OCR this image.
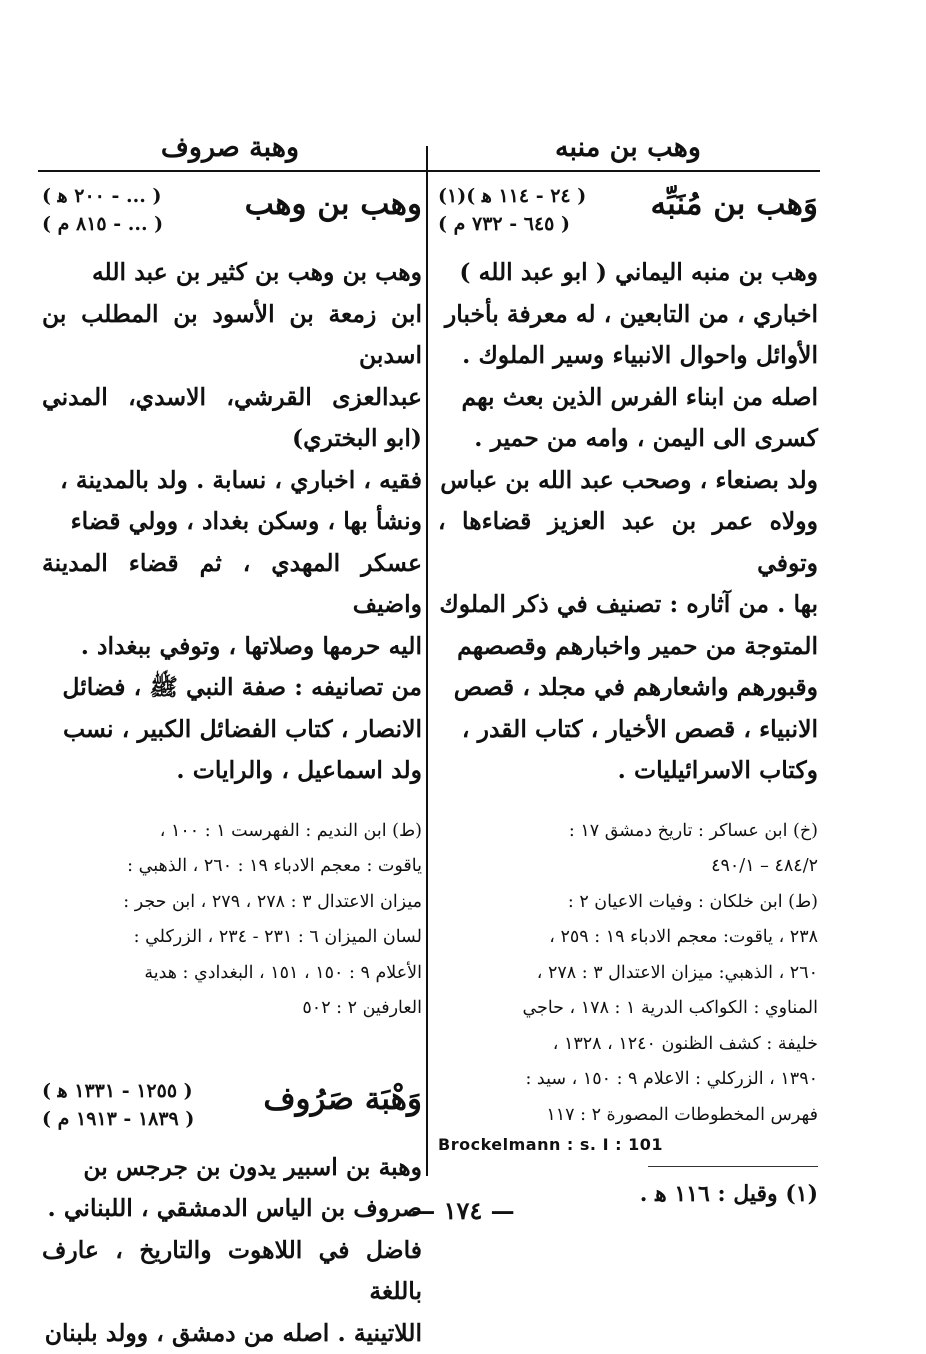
وهب بن منبه
وهبة صروف
وَهب بن مُنَبِّه
( ٢٤ - ١١٤ ﻫ )(١)
( ٦٤٥ - ٧٣٢ م )

وهب بن منبه اليماني ( ابو عبد الله )

اخباري ، من التابعين ، له معرفة بأخبار

الأوائل واحوال الانبياء وسير الملوك .

اصله من ابناء الفرس الذين بعث بهم

كسرى الى اليمن ، وامه من حمير .

ولد بصنعاء ، وصحب عبد الله بن عباس

وولاه عمر بن عبد العزيز قضاءها ، وتوفي

بها . من آثاره : تصنيف في ذكر الملوك

المتوجة من حمير واخبارهم وقصصهم

وقبورهم واشعارهم في مجلد ، قصص

الانبياء ، قصص الأخيار ، كتاب القدر ،

وكتاب الاسرائيليات .

(خ) ابن عساكر : تاريخ دمشق ١٧ :

٤٨٤/٢ – ٤٩٠/١

(ط) ابن خلكان : وفيات الاعيان ٢ :

٢٣٨ ، ياقوت: معجم الادباء ١٩ : ٢٥٩ ،

٢٦٠ ، الذهبي: ميزان الاعتدال ٣ : ٢٧٨ ،

المناوي : الكواكب الدرية ١ : ١٧٨ ، حاجي

خليفة : كشف الظنون ١٢٤٠ ، ١٣٢٨ ،

١٣٩٠ ، الزركلي : الاعلام ٩ : ١٥٠ ، سيد :

فهرس المخطوطات المصورة ٢ : ١١٧

Brockelmann : s. I : 101
(١) وقيل : ١١٦ ﻫ .
وهب بن وهب
( ... - ٢٠٠ ﻫ )
( ... - ٨١٥ م )

وهب بن وهب بن كثير بن عبد الله

ابن زمعة بن الأسود بن المطلب بن اسدبن

عبدالعزى القرشي، الاسدي، المدني (ابو البختري)

فقيه ، اخباري ، نسابة . ولد بالمدينة ،

ونشأ بها ، وسكن بغداد ، وولي قضاء

عسكر المهدي ، ثم قضاء المدينة واضيف

اليه حرمها وصلاتها ، وتوفي ببغداد .

من تصانيفه : صفة النبي ﷺ ، فضائل

الانصار ، كتاب الفضائل الكبير ، نسب

ولد اسماعيل ، والرايات .

(ط) ابن النديم : الفهرست ١ : ١٠٠ ،

ياقوت : معجم الادباء ١٩ : ٢٦٠ ، الذهبي :

ميزان الاعتدال ٣ : ٢٧٨ ، ٢٧٩ ، ابن حجر :

لسان الميزان ٦ : ٢٣١ - ٢٣٤ ، الزركلي :

الأعلام ٩ : ١٥٠ ، ١٥١ ، البغدادي : هدية

العارفين ٢ : ٥٠٢

وَهْبَة صَرُوف
( ١٢٥٥ - ١٣٣١ ﻫ )
( ١٨٣٩ - ١٩١٣ م )

وهبة بن اسبير يدون بن جرجس بن

صروف بن الياس الدمشقي ، اللبناني .

فاضل في اللاهوت والتاريخ ، عارف باللغة

اللاتينية . اصله من دمشق ، وولد بلبنان

— ١٧٤ —
